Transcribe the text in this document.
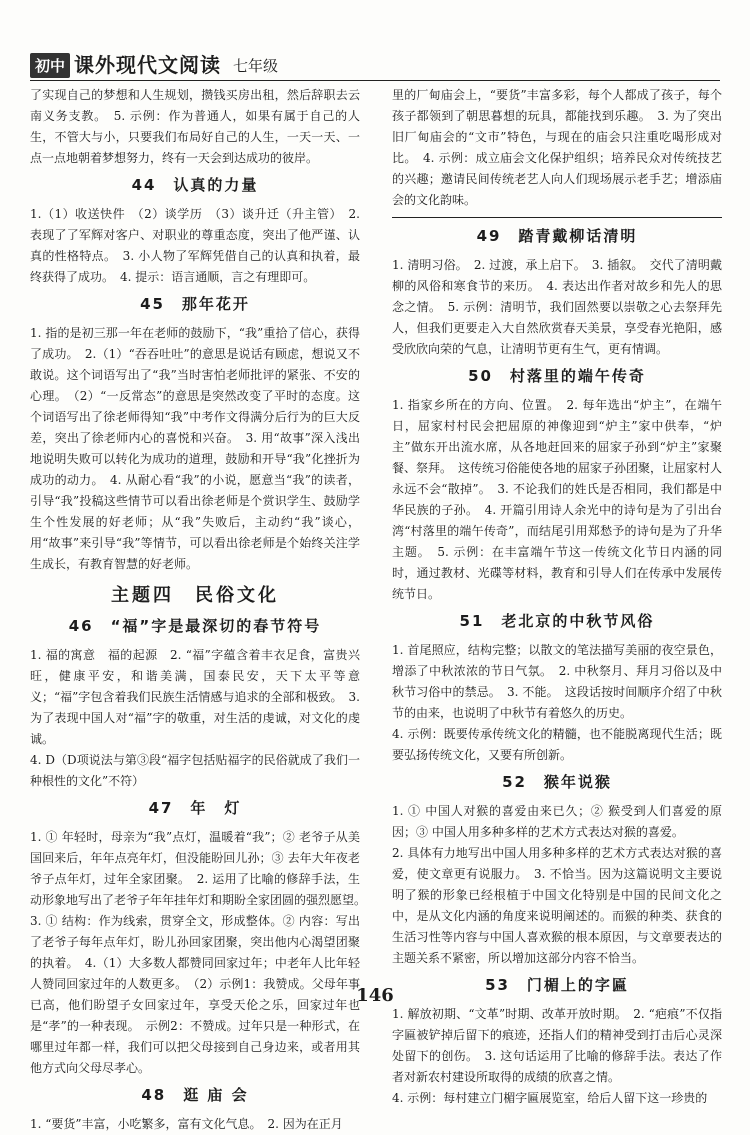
初中 课外现代文阅读 七年级

了实现自己的梦想和人生规划，攒钱买房出租，然后辞职去云南义务支教。　5. 示例：作为普通人，如果有属于自己的人生，不管大与小，只要我们布局好自己的人生，一天一天、一点一点地朝着梦想努力，终有一天会到达成功的彼岸。

44　认真的力量

1.（1）收送快件　（2）谈学历　（3）谈升迁（升主管）　2. 表现了了军辉对客户、对职业的尊重态度，突出了他严谨、认真的性格特点。　3. 小人物了军辉凭借自己的认真和执着，最终获得了成功。　4. 提示：语言通顺，言之有理即可。

45　那年花开

1. 指的是初三那一年在老师的鼓励下，“我”重拾了信心，获得了成功。　2.（1）“吞吞吐吐”的意思是说话有顾虑，想说又不敢说。这个词语写出了“我”当时害怕老师批评的紧张、不安的心理。　（2）“一反常态”的意思是突然改变了平时的态度。这个词语写出了徐老师得知“我”中考作文得满分后行为的巨大反差，突出了徐老师内心的喜悦和兴奋。　3. 用“故事”深入浅出地说明失败可以转化为成功的道理，鼓励和开导“我”化挫折为成功的动力。　4. 从耐心看“我”的小说，愿意当“我”的读者，引导“我”投稿这些情节可以看出徐老师是个赏识学生、鼓励学生个性发展的好老师；从“我”失败后，主动约“我”谈心，用“故事”来引导“我”等情节，可以看出徐老师是个始终关注学生成长，有教育智慧的好老师。

主题四　民俗文化
46　“福”字是最深切的春节符号

1. 福的寓意　福的起源　2. “福”字蕴含着丰衣足食，富贵兴旺，健康平安，和谐美满，国泰民安，天下太平等意义；“福”字包含着我们民族生活情感与追求的全部和极致。　3. 为了表现中国人对“福”字的敬重，对生活的虔诚，对文化的虔诚。

4. D（D项说法与第③段“福字包括贴福字的民俗就成了我们一种根性的文化”不符）

47　年　灯

1. ① 年轻时，母亲为“我”点灯，温暖着“我”；② 老爷子从美国回来后，年年点亮年灯，但没能盼回儿孙；③ 去年大年夜老爷子点年灯，过年全家团聚。　2. 运用了比喻的修辞手法，生动形象地写出了老爷子年年挂年灯和期盼全家团圆的强烈愿望。　3. ① 结构：作为线索，贯穿全文，形成整体。② 内容：写出了老爷子每年点年灯，盼儿孙回家团聚，突出他内心渴望团聚的执着。　4.（1）大多数人都赞同回家过年；中老年人比年轻人赞同回家过年的人数更多。　（2）示例1：我赞成。父母年事已高，他们盼望子女回家过年，享受天伦之乐，回家过年也是“孝”的一种表现。　示例2：不赞成。过年只是一种形式，在哪里过年都一样，我们可以把父母接到自己身边来，或者用其他方式向父母尽孝心。

48　逛 庙 会

1. “要货”丰富，小吃繁多，富有文化气息。　2. 因为在正月

里的厂甸庙会上，“要货”丰富多彩，每个人都成了孩子，每个孩子都领到了朝思暮想的玩具，都能找到乐趣。　3. 为了突出旧厂甸庙会的“文市”特色，与现在的庙会只注重吃喝形成对比。　4. 示例：成立庙会文化保护组织；培养民众对传统技艺的兴趣；邀请民间传统老艺人向人们现场展示老手艺；增添庙会的文化韵味。

49　踏青戴柳话清明

1. 清明习俗。　2. 过渡，承上启下。　3. 插叙。　交代了清明戴柳的风俗和寒食节的来历。　4. 表达出作者对故乡和先人的思念之情。　5. 示例：清明节，我们固然要以崇敬之心去祭拜先人，但我们更要走入大自然欣赏春天美景，享受春光艳阳，感受欣欣向荣的气息，让清明节更有生气，更有情调。

50　村落里的端午传奇

1. 指家乡所在的方向、位置。　2. 每年选出“炉主”，在端午日，屈家村村民会把屈原的神像迎到“炉主”家中供奉，“炉主”做东开出流水席，从各地赶回来的屈家子孙到“炉主”家聚餐、祭拜。　这传统习俗能使各地的屈家子孙团聚，让屈家村人永远不会“散掉”。　3. 不论我们的姓氏是否相同，我们都是中华民族的子孙。　4. 开篇引用诗人余光中的诗句是为了引出台湾“村落里的端午传奇”，而结尾引用郑愁予的诗句是为了升华主题。　5. 示例：在丰富端午节这一传统文化节日内涵的同时，通过教材、光碟等材料，教育和引导人们在传承中发展传统节日。

51　老北京的中秋节风俗

1. 首尾照应，结构完整；以散文的笔法描写美丽的夜空景色，增添了中秋浓浓的节日气氛。　2. 中秋祭月、拜月习俗以及中秋节习俗中的禁忌。　3. 不能。　这段话按时间顺序介绍了中秋节的由来，也说明了中秋节有着悠久的历史。

4. 示例：既要传承传统文化的精髓，也不能脱离现代生活；既要弘扬传统文化，又要有所创新。

52　猴年说猴

1. ① 中国人对猴的喜爱由来已久；② 猴受到人们喜爱的原因；③ 中国人用多种多样的艺术方式表达对猴的喜爱。

2. 具体有力地写出中国人用多种多样的艺术方式表达对猴的喜爱，使文章更有说服力。　3. 不恰当。因为这篇说明文主要说明了猴的形象已经根植于中国文化特别是中国的民间文化之中，是从文化内涵的角度来说明阐述的。而猴的种类、获食的生活习性等内容与中国人喜欢猴的根本原因，与文章要表达的主题关系不紧密，所以增加这部分内容不恰当。

53　门楣上的字匾

1. 解放初期、“文革”时期、改革开放时期。　2. “疤痕”不仅指字匾被铲掉后留下的痕迹，还指人们的精神受到打击后心灵深处留下的创伤。　3. 这句话运用了比喻的修辞手法。表达了作者对新农村建设所取得的成绩的欣喜之情。

4. 示例：每村建立门楣字匾展览室，给后人留下这一珍贵的

146
